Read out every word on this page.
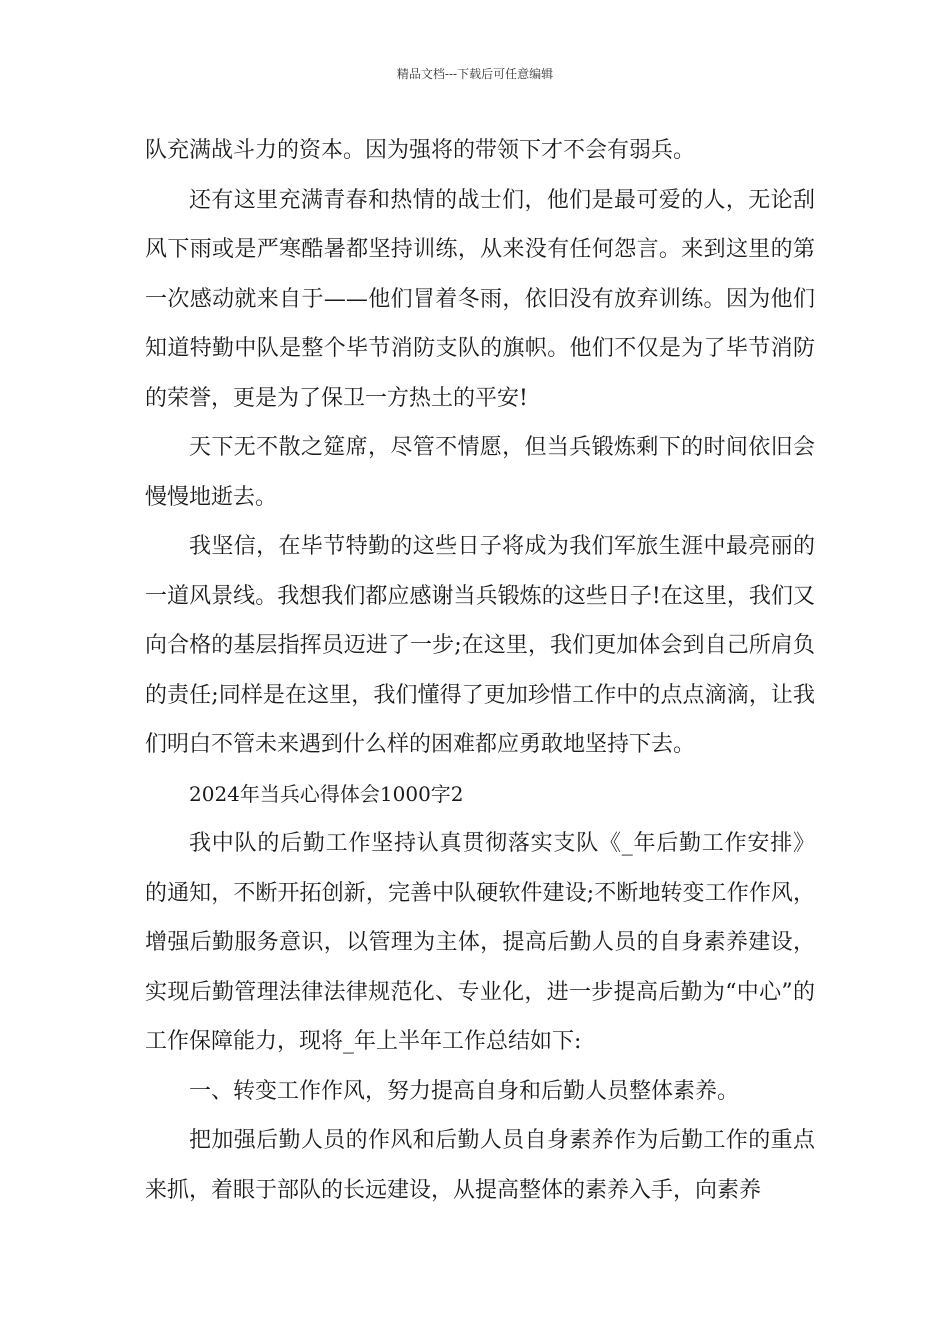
精品文档---下载后可任意编辑

队充满战斗力的资本。因为强将的带领下才不会有弱兵。

还有这里充满青春和热情的战士们，他们是最可爱的人，无论刮风下雨或是严寒酷暑都坚持训练，从来没有任何怨言。来到这里的第一次感动就来自于——他们冒着冬雨，依旧没有放弃训练。因为他们知道特勤中队是整个毕节消防支队的旗帜。他们不仅是为了毕节消防的荣誉，更是为了保卫一方热土的平安!

天下无不散之筵席，尽管不情愿，但当兵锻炼剩下的时间依旧会慢慢地逝去。

我坚信，在毕节特勤的这些日子将成为我们军旅生涯中最亮丽的一道风景线。我想我们都应感谢当兵锻炼的这些日子!在这里，我们又向合格的基层指挥员迈进了一步;在这里，我们更加体会到自己所肩负的责任;同样是在这里，我们懂得了更加珍惜工作中的点点滴滴，让我们明白不管未来遇到什么样的困难都应勇敢地坚持下去。

2024年当兵心得体会1000字2

我中队的后勤工作坚持认真贯彻落实支队《_年后勤工作安排》的通知，不断开拓创新，完善中队硬软件建设;不断地转变工作作风，增强后勤服务意识，以管理为主体，提高后勤人员的自身素养建设，实现后勤管理法律法律规范化、专业化，进一步提高后勤为“中心”的工作保障能力，现将_年上半年工作总结如下:

一、转变工作作风，努力提高自身和后勤人员整体素养。

把加强后勤人员的作风和后勤人员自身素养作为后勤工作的重点来抓，着眼于部队的长远建设，从提高整体的素养入手，向素养
